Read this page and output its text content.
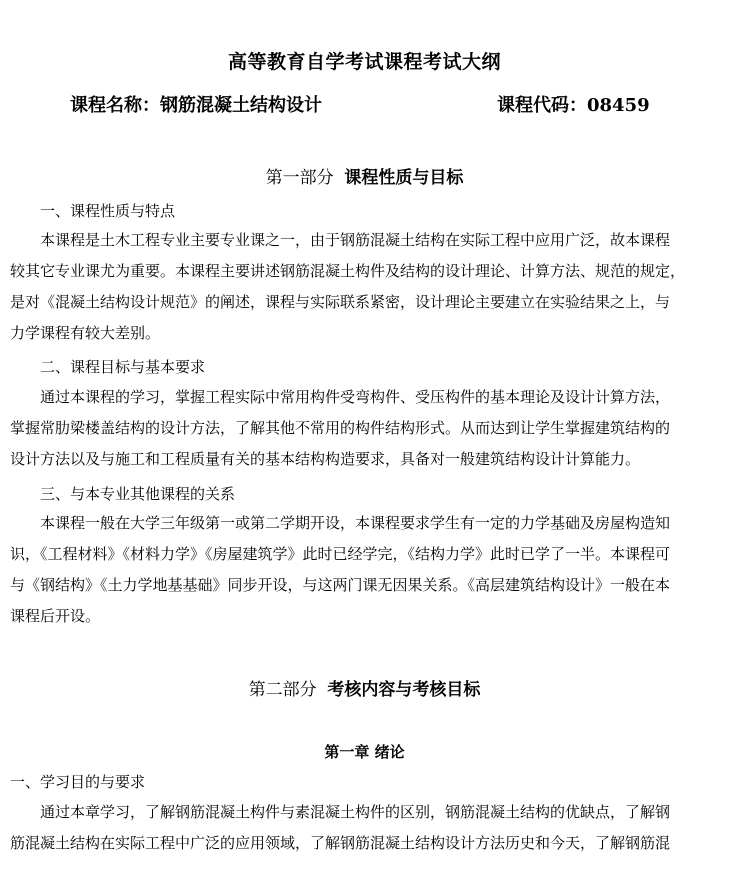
高等教育自学考试课程考试大纲
课程名称：钢筋混凝土结构设计	课程代码：08459
第一部分 课程性质与目标
一、课程性质与特点
本课程是土木工程专业主要专业课之一，由于钢筋混凝土结构在实际工程中应用广泛，故本课程
较其它专业课尤为重要。本课程主要讲述钢筋混凝土构件及结构的设计理论、计算方法、规范的规定，
是对《混凝土结构设计规范》的阐述，课程与实际联系紧密，设计理论主要建立在实验结果之上，与
力学课程有较大差别。
二、课程目标与基本要求
通过本课程的学习，掌握工程实际中常用构件受弯构件、受压构件的基本理论及设计计算方法，
掌握常肋梁楼盖结构的设计方法，了解其他不常用的构件结构形式。从而达到让学生掌握建筑结构的
设计方法以及与施工和工程质量有关的基本结构构造要求，具备对一般建筑结构设计计算能力。
三、与本专业其他课程的关系
本课程一般在大学三年级第一或第二学期开设，本课程要求学生有一定的力学基础及房屋构造知
识，《工程材料》《材料力学》《房屋建筑学》此时已经学完，《结构力学》此时已学了一半。本课程可
与《钢结构》《土力学地基基础》同步开设，与这两门课无因果关系。《高层建筑结构设计》一般在本
课程后开设。
第二部分 考核内容与考核目标
第一章 绪论
一、学习目的与要求
通过本章学习，了解钢筋混凝土构件与素混凝土构件的区别，钢筋混凝土结构的优缺点，了解钢
筋混凝土结构在实际工程中广泛的应用领域，了解钢筋混凝土结构设计方法历史和今天，了解钢筋混
